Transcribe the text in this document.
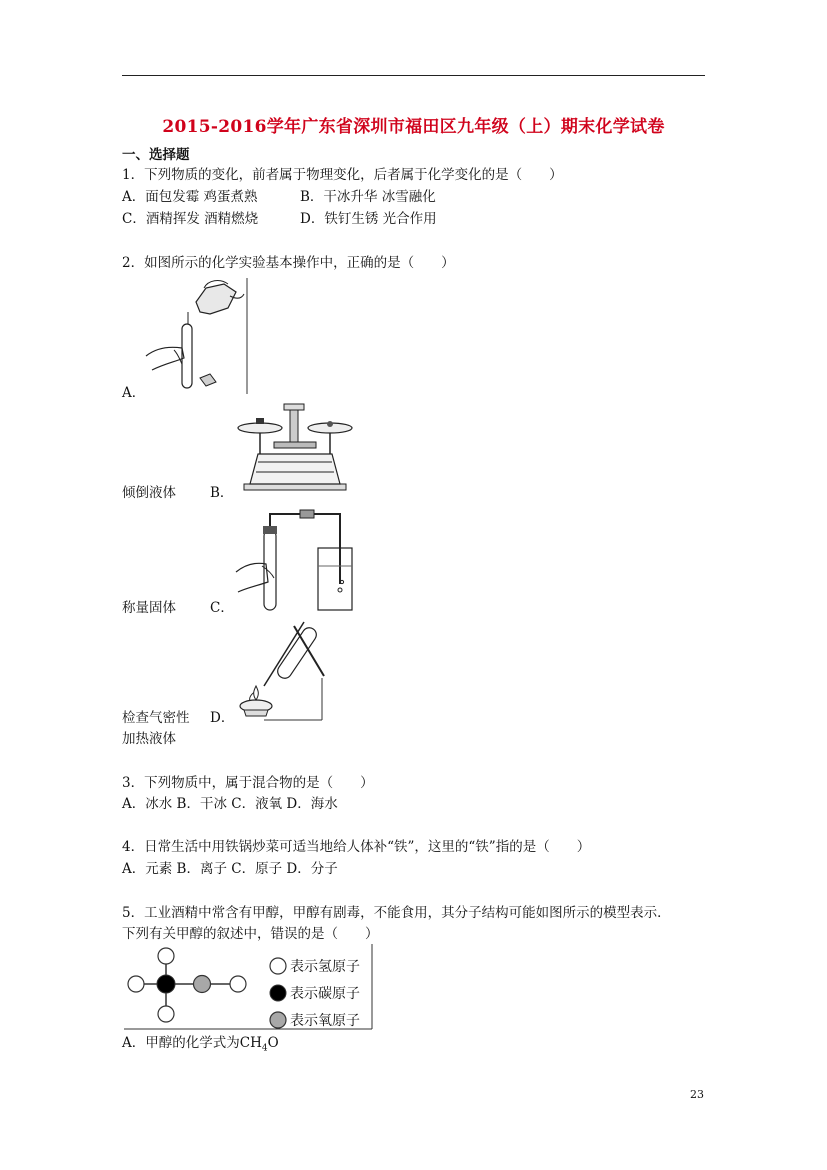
2015-2016学年广东省深圳市福田区九年级（上）期末化学试卷
一、选择题
1．下列物质的变化，前者属于物理变化，后者属于化学变化的是（　　）
A．面包发霉 鸡蛋煮熟	B．干冰升华 冰雪融化
C．酒精挥发 酒精燃烧	D．铁钉生锈 光合作用
2．如图所示的化学实验基本操作中，正确的是（　　）
A．
倾倒液体	B．
称量固体	C．
检查气密性 D．
加热液体
3．下列物质中，属于混合物的是（　　）
A．冰水 B．干冰 C．液氧 D．海水
4．日常生活中用铁锅炒菜可适当地给人体补“铁”，这里的“铁”指的是（　　）
A．元素 B．离子 C．原子 D．分子
5．工业酒精中常含有甲醇，甲醇有剧毒，不能食用，其分子结构可能如图所示的模型表示．
下列有关甲醇的叙述中，错误的是（　　）
表示氢原子
表示碳原子
表示氧原子
A．甲醇的化学式为$CH_4O$
23
